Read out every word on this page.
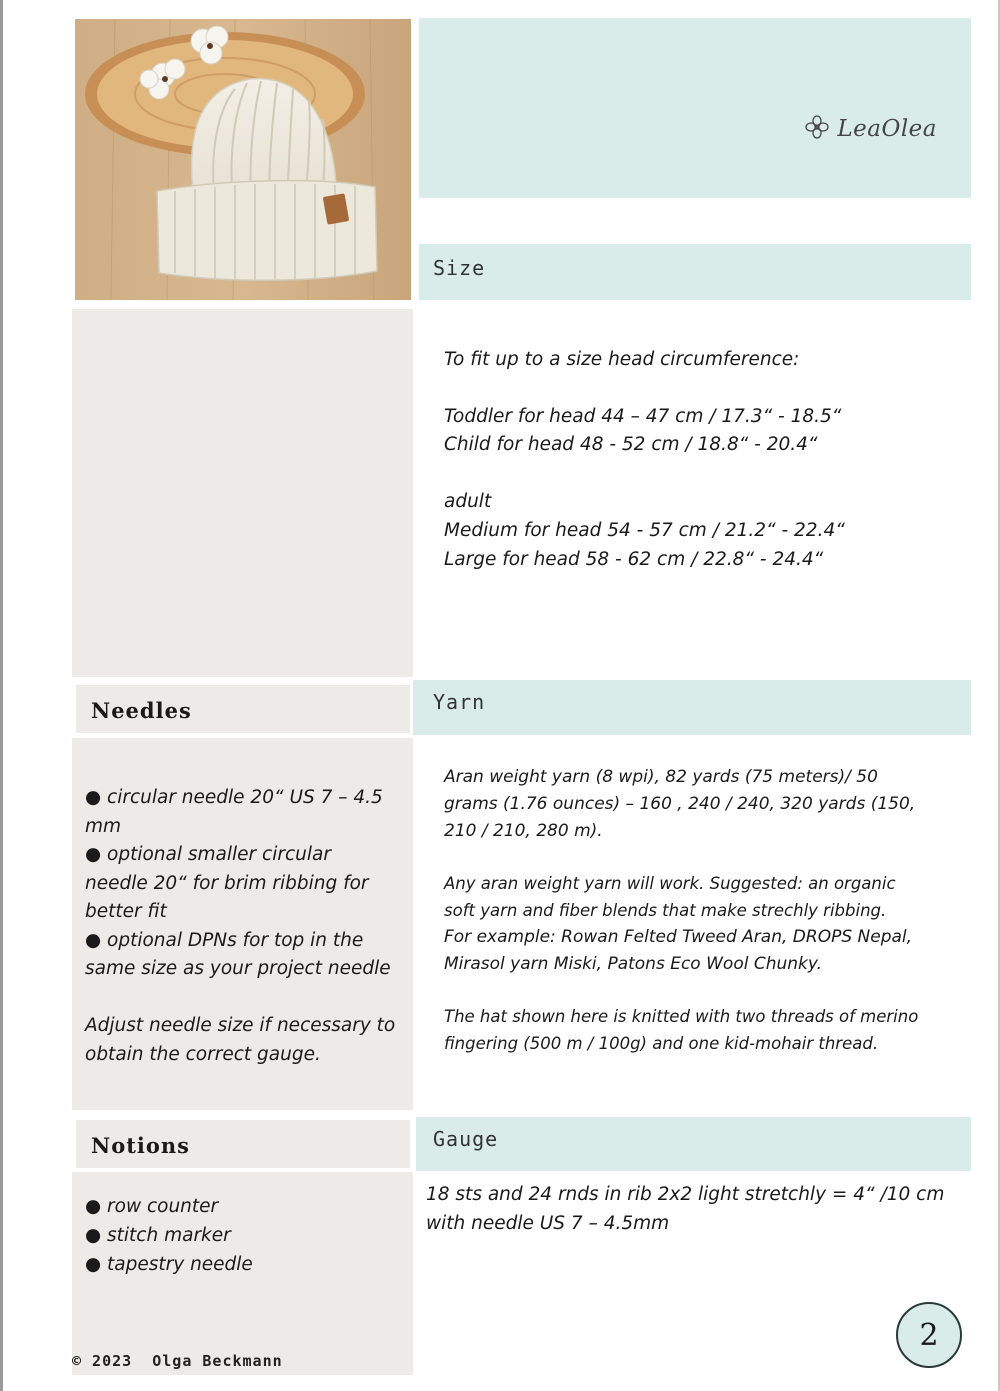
LeaOlea
Size
To fit up to a size head circumference:
Toddler for head 44 – 47 cm / 17.3“ - 18.5“
Child for head 48 - 52 cm / 18.8“ - 20.4“
adult
Medium for head 54 - 57 cm / 21.2“ - 22.4“
Large for head 58 - 62 cm / 22.8“ - 24.4“
Needles	Yarn
● circular needle 20“ US 7 – 4.5
mm
● optional smaller circular
needle 20“ for brim ribbing for
better fit
● optional DPNs for top in the
same size as your project needle
Adjust needle size if necessary to
obtain the correct gauge.
Aran weight yarn (8 wpi), 82 yards (75 meters)/ 50
grams (1.76 ounces) – 160 , 240 / 240, 320 yards (150,
210 / 210, 280 m).
Any aran weight yarn will work. Suggested: an organic
soft yarn and fiber blends that make strechly ribbing.
For example: Rowan Felted Tweed Aran, DROPS Nepal,
Mirasol yarn Miski, Patons Eco Wool Chunky.
The hat shown here is knitted with two threads of merino
fingering (500 m / 100g) and one kid-mohair thread.
Notions	Gauge
● row counter
● stitch marker
● tapestry needle
18 sts and 24 rnds in rib 2x2 light stretchly = 4“ /10 cm
with needle US 7 – 4.5mm
© 2023  Olga Beckmann
2
